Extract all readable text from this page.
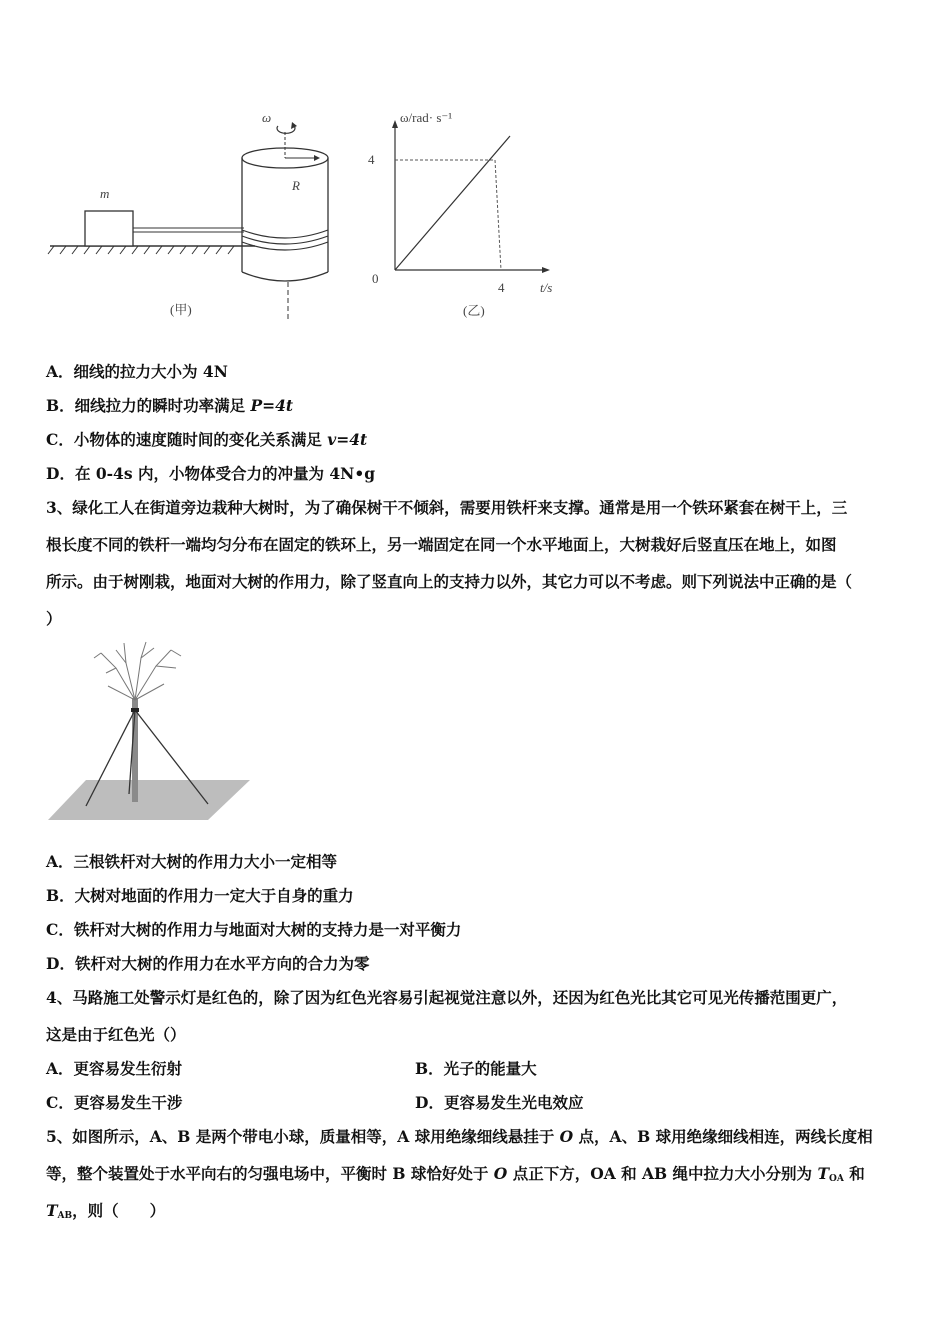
m
R
ω
(甲)
ω/rad· s⁻¹
t/s
0
4
4
(乙)
A．细线的拉力大小为 4N
B．细线拉力的瞬时功率满足 P=4t
C．小物体的速度随时间的变化关系满足 v=4t
D．在 0-4s 内，小物体受合力的冲量为 4N•g
3、绿化工人在街道旁边栽种大树时，为了确保树干不倾斜，需要用铁杆来支撑。通常是用一个铁环紧套在树干上，三
根长度不同的铁杆一端均匀分布在固定的铁环上，另一端固定在同一个水平地面上，大树栽好后竖直压在地上，如图
所示。由于树刚栽，地面对大树的作用力，除了竖直向上的支持力以外，其它力可以不考虑。则下列说法中正确的是（
）
A．三根铁杆对大树的作用力大小一定相等
B．大树对地面的作用力一定大于自身的重力
C．铁杆对大树的作用力与地面对大树的支持力是一对平衡力
D．铁杆对大树的作用力在水平方向的合力为零
4、马路施工处警示灯是红色的，除了因为红色光容易引起视觉注意以外，还因为红色光比其它可见光传播范围更广，
这是由于红色光（）
A．更容易发生衍射	B．光子的能量大
C．更容易发生干涉	D．更容易发生光电效应
5、如图所示，A、B 是两个带电小球，质量相等，A 球用绝缘细线悬挂于 O 点，A、B 球用绝缘细线相连，两线长度相
等，整个装置处于水平向右的匀强电场中，平衡时 B 球恰好处于 O 点正下方，OA 和 AB 绳中拉力大小分别为 $T_{OA}$ 和
$T_{AB}$，则（　　）
